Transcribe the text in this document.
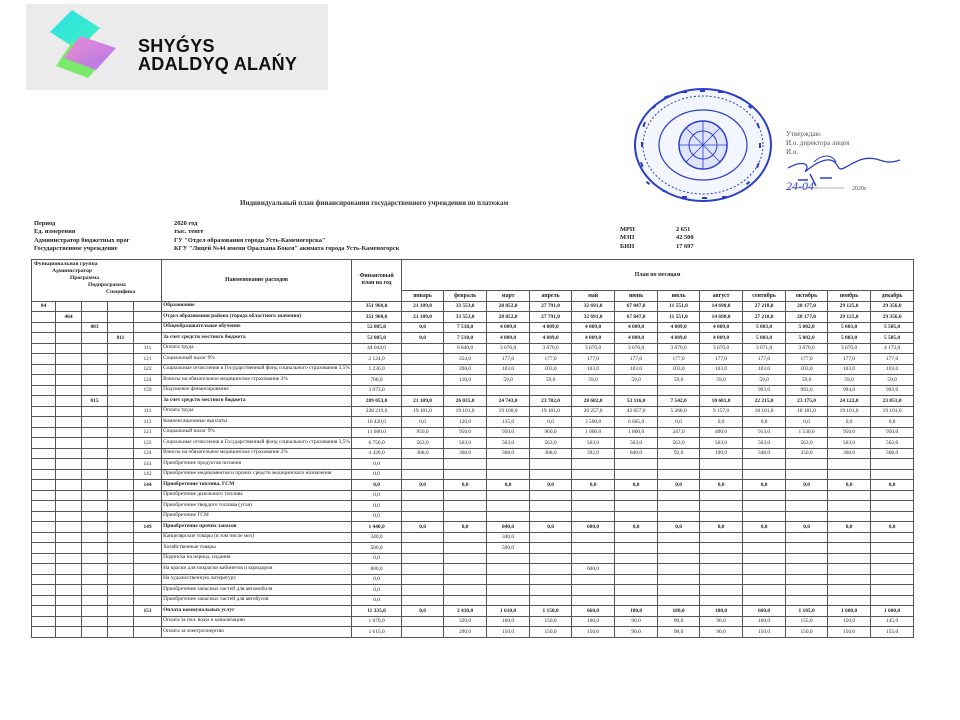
SHYǴYS
ADALDYQ ALAŃY
Утверждаю
И.о. директора лицея
И.о.
24-04	2020г.
Индивидуальный план финансирования государственного учреждения по платежам
Период	2020 год
Ед. измерения	тыс. тенге
Администратор бюджетных прог	ГУ "Отдел образования города Усть-Каменогорска"
Государственное учреждение	КГУ "Лицей №44 имени Оралхана Бокея" акимата города Усть-Каменогорск
МРП	2 651
МЗП	42 500
БИН	17 697
Функциональная группа
Администратор
Программа
Подпрограмма
Специфика					Наименование расходов	Финансовый план на год	План по месяцам											
							январь	февраль	март	апрель	май	июнь	июль	август	сентябрь	октябрь	ноябрь	декабрь
04					Образование	351 960,0	21 109,0	33 553,0	28 852,0	27 791,0	32 691,0	67 847,0	11 551,0	14 690,0	27 218,0	28 177,0	29 125,0	29 356,0
	464				Отдел образования района (города областного значения)	351 960,0	21 109,0	33 553,0	28 852,0	27 791,0	32 691,0	67 847,0	11 551,0	14 690,0	27 218,0	28 177,0	29 125,0	29 356,0
		003			Общеобразовательное обучение	52 085,0	0,0	7 518,0	4 009,0	4 009,0	4 009,0	4 009,0	4 009,0	4 009,0	5 003,0	5 002,0	5 003,0	5 505,0
			011		За счет средств местного бюджета	52 085,0	0,0	7 518,0	4 009,0	4 009,0	4 009,0	4 009,0	4 009,0	4 009,0	5 003,0	5 002,0	5 003,0	5 505,0
				111	Оплата труда	44 044,0		6 840,0	3 670,0	3 670,0	3 670,0	3 670,0	3 670,0	3 670,0	3 671,0	3 670,0	3 670,0	4 173,0
				121	Социальный налог 9%	2 124,0		354,0	177,0	177,0	177,0	177,0	177,0	177,0	177,0	177,0	177,0	177,0
				122	Социальные отчисления в Государственный фонд социального страхования 3,5%	1 236,0		206,0	103,0	103,0	103,0	103,0	103,0	103,0	103,0	103,0	103,0	103,0
				124	Взносы на обязательное медицинское страхование 2%	708,0		118,0	59,0	59,0	59,0	59,0	59,0	59,0	59,0	59,0	59,0	59,0
				159	Подушевое финансирование	3 973,0									993,0	993,0	994,0	993,0
		015			За счет средств местного бюджета	289 053,0	21 109,0	26 035,0	24 743,0	23 782,0	28 682,0	53 116,0	7 542,0	10 681,0	22 215,0	23 175,0	24 122,0	23 851,0
				111	Оплата труда	228 219,0	19 101,0	19 101,0	19 100,0	19 101,0	20 257,0	42 657,0	5 268,0	9 157,0	18 101,0	18 181,0	19 101,0	19 101,0
				113	Компенсационные выплаты	10 420,0	0,0	120,0	135,0	0,0	3 500,0	6 665,0	0,0	0,0	0,0	0,0	0,0	0,0
				121	Социальный налог 9%	11 600,0	950,0	950,0	950,0	960,0	1 000,0	1 800,0	247,0	400,0	913,0	1 530,0	950,0	950,0
				122	Социальные отчисления в Государственный фонд социального страхования 3,5%	6 756,0	563,0	563,0	563,0	563,0	563,0	563,0	563,0	563,0	563,0	563,0	563,0	563,0
				124	Взносы на обязательное медицинское страхование 2%	4 420,0	368,0	368,0	368,0	368,0	392,0	840,0	92,0	190,0	348,0	350,0	368,0	368,0
				141	Приобретение продуктов питания	0,0												
				142	Приобретение медикаментов и прочих средств медицинского назначения	0,0												
				144	Приобретение топлива, ГСМ	0,0	0,0	0,0	0,0	0,0	0,0	0,0	0,0	0,0	0,0	0,0	0,0	0,0
					Приобретение дизельного топлива	0,0												
					Приобретение твердого топлива (угля)	0,0												
					Приобретение ГСМ	0,0												
				149	Приобретение прочих запасов	1 440,0	0,0	0,0	840,0	0,0	600,0	0,0	0,0	0,0	0,0	0,0	0,0	0,0
					Канцелярские товары (в том числе мел)	340,0			340,0									
					Хозяйственные товары	500,0			500,0									
					Подписка на период. издания	0,0												
					На краски для покраски кабинетов и коридоров	600,0					600,0							
					На художественную литературу	0,0												
					Приобретение запасных частей для автомобиля	0,0												
					Приобретение запасных частей для автобусов	0,0												
				151	Оплата коммунальных услуг	11 335,0	0,0	2 410,0	1 610,0	1 150,0	660,0	180,0	180,0	180,0	660,0	1 105,0	1 600,0	1 600,0
					Оплата за пол. воды и канализацию	1 670,0		320,0	160,0	150,0	160,0	90,0	90,0	90,0	160,0	155,0	150,0	145,0
					Оплата за электроэнергию	1 615,0		290,0	150,0	150,0	150,0	90,0	90,0	90,0	150,0	150,0	150,0	155,0
